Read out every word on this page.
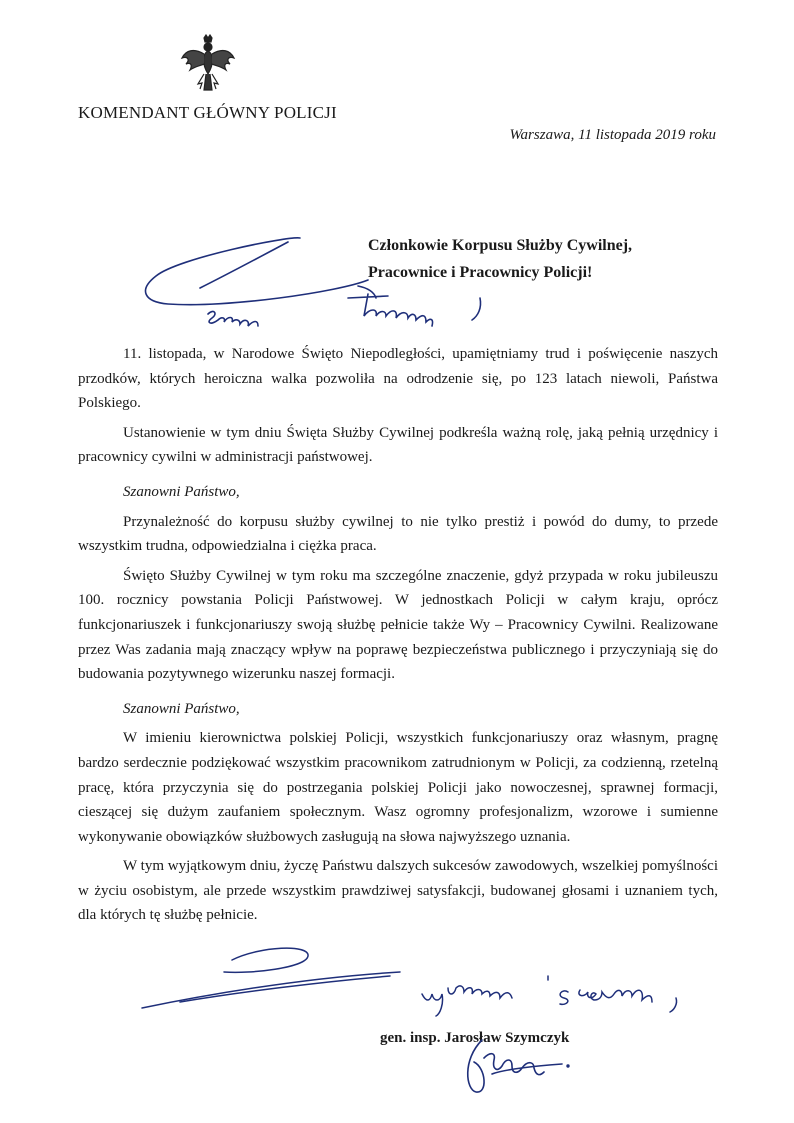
KOMENDANT GŁÓWNY POLICJI
Warszawa, 11 listopada 2019 roku
Członkowie Korpusu Służby Cywilnej,
Pracownice i Pracownicy Policji!

11. listopada, w Narodowe Święto Niepodległości, upamiętniamy trud i poświęcenie naszych przodków, których heroiczna walka pozwoliła na odrodzenie się, po 123 latach niewoli, Państwa Polskiego.

Ustanowienie w tym dniu Święta Służby Cywilnej podkreśla ważną rolę, jaką pełnią urzędnicy i pracownicy cywilni w administracji państwowej.

Szanowni Państwo,

Przynależność do korpusu służby cywilnej to nie tylko prestiż i powód do dumy, to przede wszystkim trudna, odpowiedzialna i ciężka praca.

Święto Służby Cywilnej w tym roku ma szczególne znaczenie, gdyż przypada w roku jubileuszu 100. rocznicy powstania Policji Państwowej. W jednostkach Policji w całym kraju, oprócz funkcjonariuszek i funkcjonariuszy swoją służbę pełnicie także Wy – Pracownicy Cywilni. Realizowane przez Was zadania mają znaczący wpływ na poprawę bezpieczeństwa publicznego i przyczyniają się do budowania pozytywnego wizerunku naszej formacji.

Szanowni Państwo,

W imieniu kierownictwa polskiej Policji, wszystkich funkcjonariuszy oraz własnym, pragnę bardzo serdecznie podziękować wszystkim pracownikom zatrudnionym w Policji, za codzienną, rzetelną pracę, która przyczynia się do postrzegania polskiej Policji jako nowoczesnej, sprawnej formacji, cieszącej się dużym zaufaniem społecznym. Wasz ogromny profesjonalizm, wzorowe i sumienne wykonywanie obowiązków służbowych zasługują na słowa najwyższego uznania.

W tym wyjątkowym dniu, życzę Państwu dalszych sukcesów zawodowych, wszelkiej pomyślności w życiu osobistym, ale przede wszystkim prawdziwej satysfakcji, budowanej głosami i uznaniem tych, dla których tę służbę pełnicie.

gen. insp. Jarosław Szymczyk
